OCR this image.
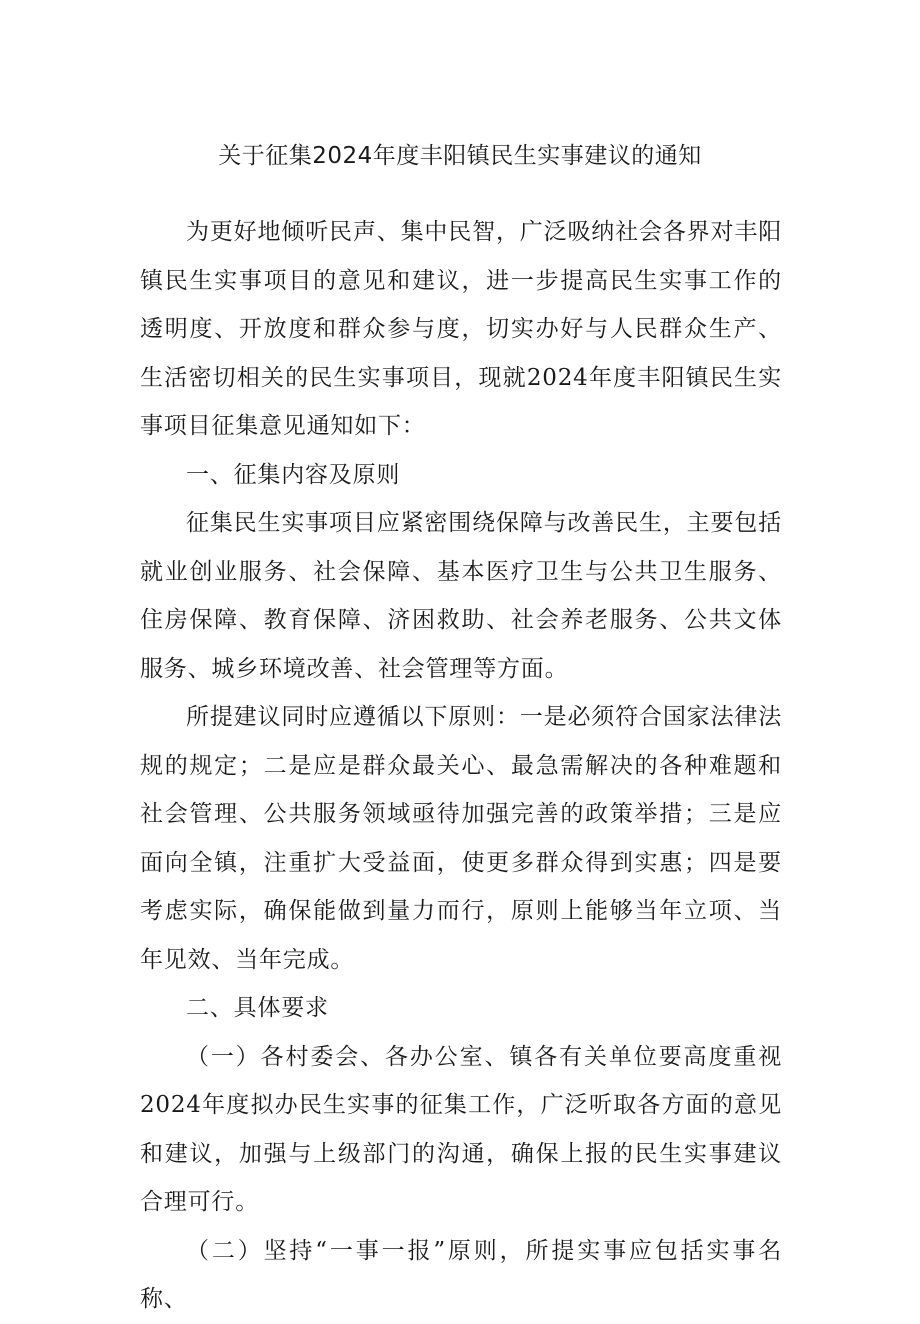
关于征集2024年度丰阳镇民生实事建议的通知

为更好地倾听民声、集中民智，广泛吸纳社会各界对丰阳镇民生实事项目的意见和建议，进一步提高民生实事工作的透明度、开放度和群众参与度，切实办好与人民群众生产、生活密切相关的民生实事项目，现就2024年度丰阳镇民生实事项目征集意见通知如下：

一、征集内容及原则

征集民生实事项目应紧密围绕保障与改善民生，主要包括就业创业服务、社会保障、基本医疗卫生与公共卫生服务、住房保障、教育保障、济困救助、社会养老服务、公共文体服务、城乡环境改善、社会管理等方面。

所提建议同时应遵循以下原则：一是必须符合国家法律法规的规定；二是应是群众最关心、最急需解决的各种难题和社会管理、公共服务领域亟待加强完善的政策举措；三是应面向全镇，注重扩大受益面，使更多群众得到实惠；四是要考虑实际，确保能做到量力而行，原则上能够当年立项、当年见效、当年完成。

二、具体要求

（一）各村委会、各办公室、镇各有关单位要高度重视2024年度拟办民生实事的征集工作，广泛听取各方面的意见和建议，加强与上级部门的沟通，确保上报的民生实事建议合理可行。

（二）坚持“一事一报”原则，所提实事应包括实事名称、
